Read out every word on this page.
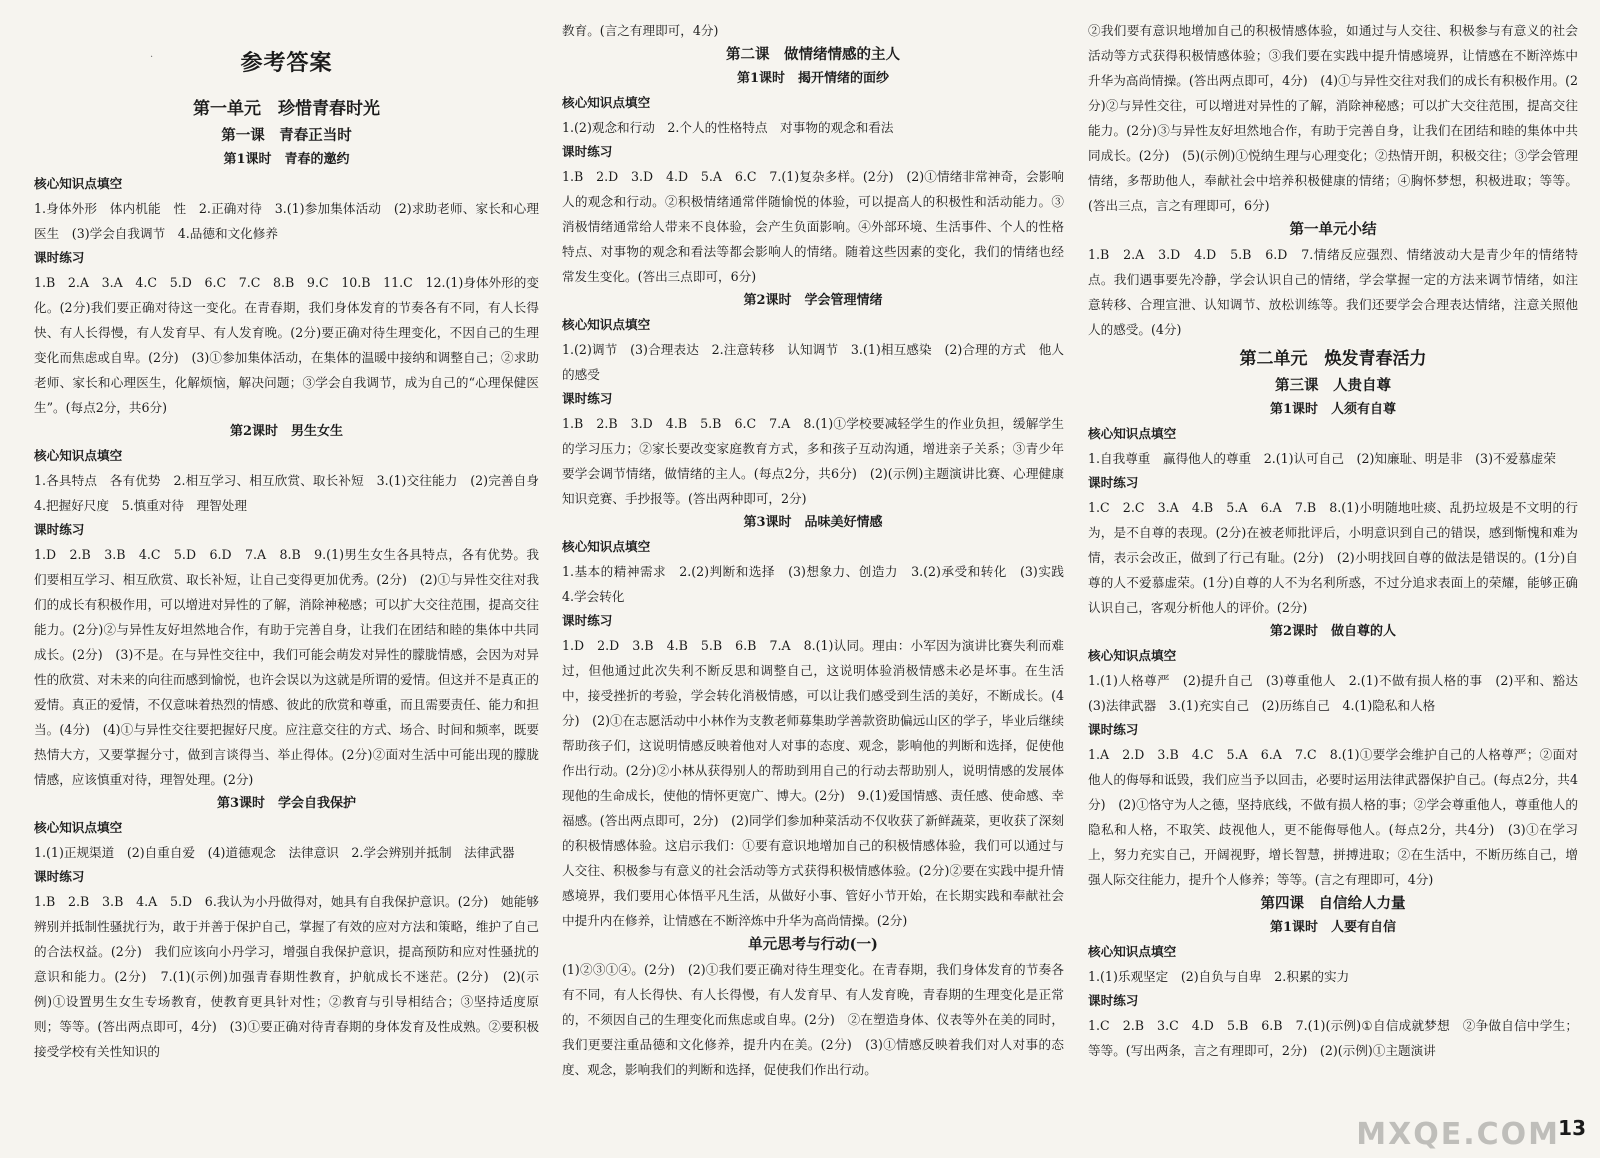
·	参考答案
第一单元　珍惜青春时光
第一课　青春正当时
第1课时　青春的邀约
核心知识点填空

1.身体外形　体内机能　性　2.正确对待　3.(1)参加集体活动　(2)求助老师、家长和心理医生　(3)学会自我调节　4.品德和文化修养

课时练习

1.B　2.A　3.A　4.C　5.D　6.C　7.C　8.B　9.C　10.B　11.C　12.(1)身体外形的变化。(2分)我们要正确对待这一变化。在青春期，我们身体发育的节奏各有不同，有人长得快、有人长得慢，有人发育早、有人发育晚。(2分)要正确对待生理变化，不因自己的生理变化而焦虑或自卑。(2分)　(3)①参加集体活动，在集体的温暖中接纳和调整自己；②求助老师、家长和心理医生，化解烦恼，解决问题；③学会自我调节，成为自己的“心理保健医生”。(每点2分，共6分)

第2课时　男生女生
核心知识点填空

1.各具特点　各有优势　2.相互学习、相互欣赏、取长补短　3.(1)交往能力　(2)完善自身　4.把握好尺度　5.慎重对待　理智处理

课时练习

1.D　2.B　3.B　4.C　5.D　6.D　7.A　8.B　9.(1)男生女生各具特点，各有优势。我们要相互学习、相互欣赏、取长补短，让自己变得更加优秀。(2分)　(2)①与异性交往对我们的成长有积极作用，可以增进对异性的了解，消除神秘感；可以扩大交往范围，提高交往能力。(2分)②与异性友好坦然地合作，有助于完善自身，让我们在团结和睦的集体中共同成长。(2分)　(3)不是。在与异性交往中，我们可能会萌发对异性的朦胧情感，会因为对异性的欣赏、对未来的向往而感到愉悦，也许会误以为这就是所谓的爱情。但这并不是真正的爱情。真正的爱情，不仅意味着热烈的情感、彼此的欣赏和尊重，而且需要责任、能力和担当。(4分)　(4)①与异性交往要把握好尺度。应注意交往的方式、场合、时间和频率，既要热情大方，又要掌握分寸，做到言谈得当、举止得体。(2分)②面对生活中可能出现的朦胧情感，应该慎重对待，理智处理。(2分)

第3课时　学会自我保护
核心知识点填空

1.(1)正规渠道　(2)自重自爱　(4)道德观念　法律意识　2.学会辨别并抵制　法律武器

课时练习

1.B　2.B　3.B　4.A　5.D　6.我认为小丹做得对，她具有自我保护意识。(2分)　她能够辨别并抵制性骚扰行为，敢于并善于保护自己，掌握了有效的应对方法和策略，维护了自己的合法权益。(2分)　我们应该向小丹学习，增强自我保护意识，提高预防和应对性骚扰的意识和能力。(2分)　7.(1)(示例)加强青春期性教育，护航成长不迷茫。(2分)　(2)(示例)①设置男生女生专场教育，使教育更具针对性；②教育与引导相结合；③坚持适度原则；等等。(答出两点即可，4分)　(3)①要正确对待青春期的身体发育及性成熟。②要积极接受学校有关性知识的

教育。(言之有理即可，4分)

第二课　做情绪情感的主人
第1课时　揭开情绪的面纱
核心知识点填空

1.(2)观念和行动　2.个人的性格特点　对事物的观念和看法

课时练习

1.B　2.D　3.D　4.D　5.A　6.C　7.(1)复杂多样。(2分)　(2)①情绪非常神奇，会影响人的观念和行动。②积极情绪通常伴随愉悦的体验，可以提高人的积极性和活动能力。③消极情绪通常给人带来不良体验，会产生负面影响。④外部环境、生活事件、个人的性格特点、对事物的观念和看法等都会影响人的情绪。随着这些因素的变化，我们的情绪也经常发生变化。(答出三点即可，6分)

第2课时　学会管理情绪
核心知识点填空

1.(2)调节　(3)合理表达　2.注意转移　认知调节　3.(1)相互感染　(2)合理的方式　他人的感受

课时练习

1.B　2.B　3.D　4.B　5.B　6.C　7.A　8.(1)①学校要减轻学生的作业负担，缓解学生的学习压力；②家长要改变家庭教育方式，多和孩子互动沟通，增进亲子关系；③青少年要学会调节情绪，做情绪的主人。(每点2分，共6分)　(2)(示例)主题演讲比赛、心理健康知识竞赛、手抄报等。(答出两种即可，2分)

第3课时　品味美好情感
核心知识点填空

1.基本的精神需求　2.(2)判断和选择　(3)想象力、创造力　3.(2)承受和转化　(3)实践　4.学会转化

课时练习

1.D　2.D　3.B　4.B　5.B　6.B　7.A　8.(1)认同。理由：小军因为演讲比赛失利而难过，但他通过此次失利不断反思和调整自己，这说明体验消极情感未必是坏事。在生活中，接受挫折的考验，学会转化消极情感，可以让我们感受到生活的美好，不断成长。(4分)　(2)①在志愿活动中小林作为支教老师募集助学善款资助偏远山区的学子，毕业后继续帮助孩子们，这说明情感反映着他对人对事的态度、观念，影响他的判断和选择，促使他作出行动。(2分)②小林从获得别人的帮助到用自己的行动去帮助别人，说明情感的发展体现他的生命成长，使他的情怀更宽广、博大。(2分)　9.(1)爱国情感、责任感、使命感、幸福感。(答出两点即可，2分)　(2)同学们参加种菜活动不仅收获了新鲜蔬菜，更收获了深刻的积极情感体验。这启示我们：①要有意识地增加自己的积极情感体验，我们可以通过与人交往、积极参与有意义的社会活动等方式获得积极情感体验。(2分)②要在实践中提升情感境界，我们要用心体悟平凡生活，从做好小事、管好小节开始，在长期实践和奉献社会中提升内在修养，让情感在不断淬炼中升华为高尚情操。(2分)

单元思考与行动(一)

(1)②③①④。(2分)　(2)①我们要正确对待生理变化。在青春期，我们身体发育的节奏各有不同，有人长得快、有人长得慢，有人发育早、有人发育晚，青春期的生理变化是正常的，不须因自己的生理变化而焦虑或自卑。(2分)　②在塑造身体、仪表等外在美的同时，我们更要注重品德和文化修养，提升内在美。(2分)　(3)①情感反映着我们对人对事的态度、观念，影响我们的判断和选择，促使我们作出行动。

②我们要有意识地增加自己的积极情感体验，如通过与人交往、积极参与有意义的社会活动等方式获得积极情感体验；③我们要在实践中提升情感境界，让情感在不断淬炼中升华为高尚情操。(答出两点即可，4分)　(4)①与异性交往对我们的成长有积极作用。(2分)②与异性交往，可以增进对异性的了解，消除神秘感；可以扩大交往范围，提高交往能力。(2分)③与异性友好坦然地合作，有助于完善自身，让我们在团结和睦的集体中共同成长。(2分)　(5)(示例)①悦纳生理与心理变化；②热情开朗，积极交往；③学会管理情绪，多帮助他人，奉献社会中培养积极健康的情绪；④胸怀梦想，积极进取；等等。(答出三点，言之有理即可，6分)

第一单元小结

1.B　2.A　3.D　4.D　5.B　6.D　7.情绪反应强烈、情绪波动大是青少年的情绪特点。我们遇事要先冷静，学会认识自己的情绪，学会掌握一定的方法来调节情绪，如注意转移、合理宣泄、认知调节、放松训练等。我们还要学会合理表达情绪，注意关照他人的感受。(4分)

第二单元　焕发青春活力
第三课　人贵自尊
第1课时　人须有自尊
核心知识点填空

1.自我尊重　赢得他人的尊重　2.(1)认可自己　(2)知廉耻、明是非　(3)不爱慕虚荣

课时练习

1.C　2.C　3.A　4.B　5.A　6.A　7.B　8.(1)小明随地吐痰、乱扔垃圾是不文明的行为，是不自尊的表现。(2分)在被老师批评后，小明意识到自己的错误，感到惭愧和难为情，表示会改正，做到了行己有耻。(2分)　(2)小明找回自尊的做法是错误的。(1分)自尊的人不爱慕虚荣。(1分)自尊的人不为名利所惑，不过分追求表面上的荣耀，能够正确认识自己，客观分析他人的评价。(2分)

第2课时　做自尊的人
核心知识点填空

1.(1)人格尊严　(2)提升自己　(3)尊重他人　2.(1)不做有损人格的事　(2)平和、豁达　(3)法律武器　3.(1)充实自己　(2)历练自己　4.(1)隐私和人格

课时练习

1.A　2.D　3.B　4.C　5.A　6.A　7.C　8.(1)①要学会维护自己的人格尊严；②面对他人的侮辱和诋毁，我们应当予以回击，必要时运用法律武器保护自己。(每点2分，共4分)　(2)①恪守为人之德，坚持底线，不做有损人格的事；②学会尊重他人，尊重他人的隐私和人格，不取笑、歧视他人，更不能侮辱他人。(每点2分，共4分)　(3)①在学习上，努力充实自己，开阔视野，增长智慧，拼搏进取；②在生活中，不断历练自己，增强人际交往能力，提升个人修养；等等。(言之有理即可，4分)

第四课　自信给人力量
第1课时　人要有自信
核心知识点填空

1.(1)乐观坚定　(2)自负与自卑　2.积累的实力

课时练习

1.C　2.B　3.C　4.D　5.B　6.B　7.(1)(示例)①自信成就梦想　②争做自信中学生；等等。(写出两条，言之有理即可，2分)　(2)(示例)①主题演讲

MXQE.COM
13
